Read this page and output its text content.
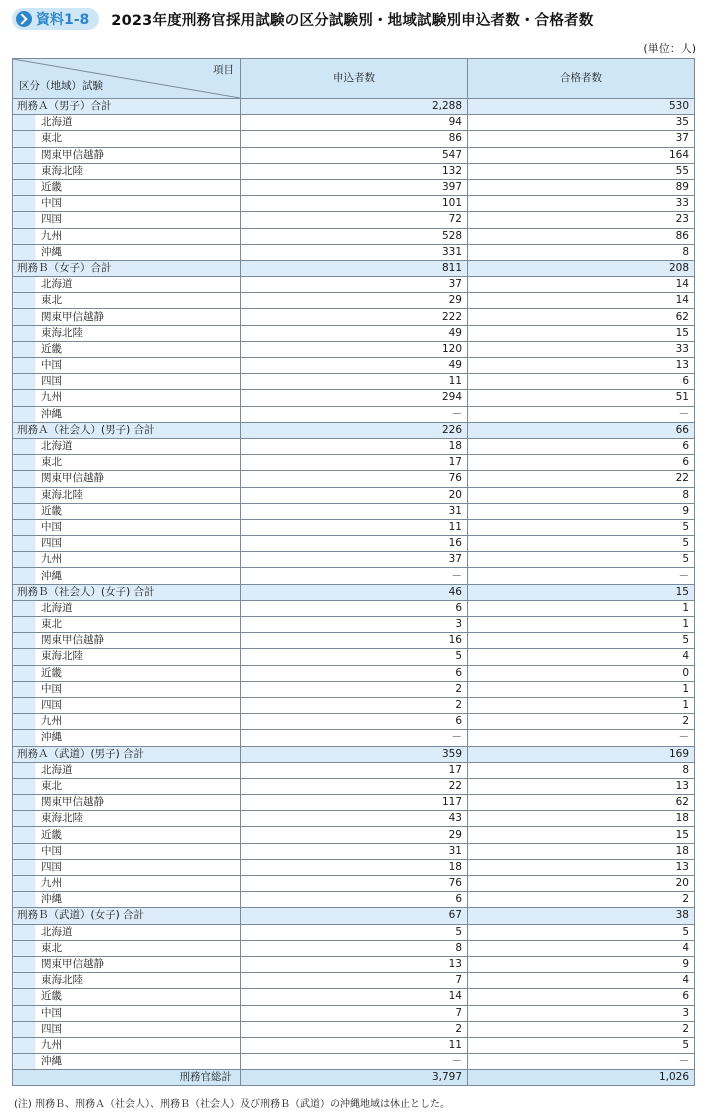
資料1-8 2023年度刑務官採用試験の区分試験別・地域試験別申込者数・合格者数
(単位：人)
項目
区分（地域）試験	申込者数	合格者数
刑務Ａ（男子）合計	2,288	530
北海道	94	35
東北	86	37
関東甲信越静	547	164
東海北陸	132	55
近畿	397	89
中国	101	33
四国	72	23
九州	528	86
沖縄	331	8
刑務Ｂ（女子）合計	811	208
北海道	37	14
東北	29	14
関東甲信越静	222	62
東海北陸	49	15
近畿	120	33
中国	49	13
四国	11	6
九州	294	51
沖縄	－	－
刑務Ａ（社会人）(男子) 合計	226	66
北海道	18	6
東北	17	6
関東甲信越静	76	22
東海北陸	20	8
近畿	31	9
中国	11	5
四国	16	5
九州	37	5
沖縄	－	－
刑務Ｂ（社会人）(女子) 合計	46	15
北海道	6	1
東北	3	1
関東甲信越静	16	5
東海北陸	5	4
近畿	6	0
中国	2	1
四国	2	1
九州	6	2
沖縄	－	－
刑務Ａ（武道）(男子) 合計	359	169
北海道	17	8
東北	22	13
関東甲信越静	117	62
東海北陸	43	18
近畿	29	15
中国	31	18
四国	18	13
九州	76	20
沖縄	6	2
刑務Ｂ（武道）(女子) 合計	67	38
北海道	5	5
東北	8	4
関東甲信越静	13	9
東海北陸	7	4
近畿	14	6
中国	7	3
四国	2	2
九州	11	5
沖縄	－	－
刑務官総計	3,797	1,026
(注) 刑務Ｂ、刑務Ａ（社会人）、刑務Ｂ（社会人）及び刑務Ｂ（武道）の沖縄地域は休止とした。
